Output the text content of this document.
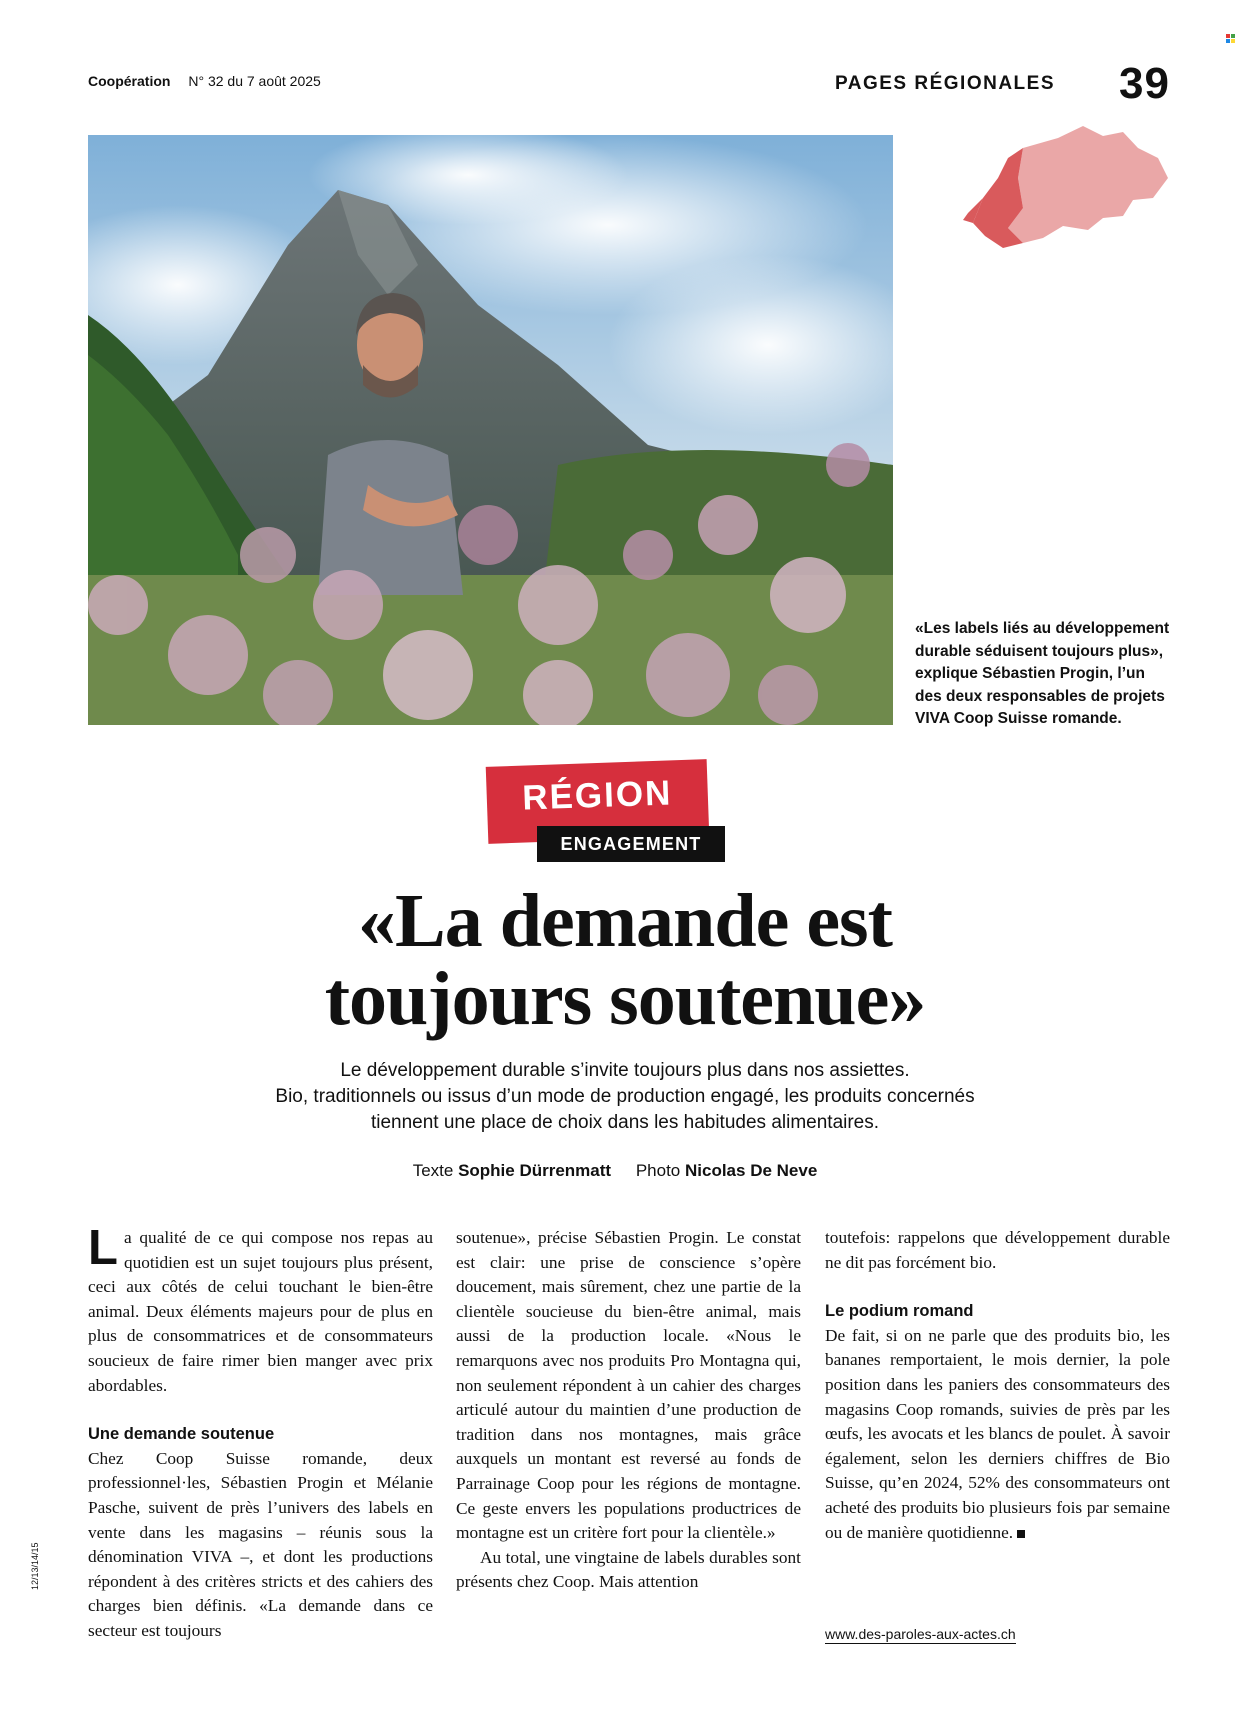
Coopération N° 32 du 7 août 2025	PAGES RÉGIONALES 39
«Les labels liés au développement durable séduisent toujours plus», explique Sébastien Progin, l’un des deux responsables de projets VIVA Coop Suisse romande.
RÉGION
ENGAGEMENT
«La demande est
toujours soutenue»
Le développement durable s’invite toujours plus dans nos assiettes.
Bio, traditionnels ou issus d’un mode de production engagé, les produits concernés
tiennent une place de choix dans les habitudes alimentaires.
Texte Sophie Dürrenmatt Photo Nicolas De Neve

La qualité de ce qui compose nos repas au quotidien est un sujet toujours plus présent, ceci aux côtés de celui touchant le bien-être animal. Deux éléments majeurs pour de plus en plus de consommatrices et de consommateurs soucieux de faire rimer bien manger avec prix abordables.

Une demande soutenue

Chez Coop Suisse romande, deux professionnel·les, Sébastien Progin et Mélanie Pasche, suivent de près l’univers des labels en vente dans les magasins – réunis sous la dénomination VIVA –, et dont les productions répondent à des critères stricts et des cahiers des charges bien définis. «La demande dans ce secteur est toujours

soutenue», précise Sébastien Progin. Le constat est clair: une prise de conscience s’opère doucement, mais sûrement, chez une partie de la clientèle soucieuse du bien-être animal, mais aussi de la production locale. «Nous le remarquons avec nos produits Pro Montagna qui, non seulement répondent à un cahier des charges articulé autour du maintien d’une production de tradition dans nos montagnes, mais grâce auxquels un montant est reversé au fonds de Parrainage Coop pour les régions de montagne. Ce geste envers les populations productrices de montagne est un critère fort pour la clientèle.»

Au total, une vingtaine de labels durables sont présents chez Coop. Mais attention

toutefois: rappelons que développement durable ne dit pas forcément bio.

Le podium romand

De fait, si on ne parle que des produits bio, les bananes remportaient, le mois dernier, la pole position dans les paniers des consommateurs des magasins Coop romands, suivies de près par les œufs, les avocats et les blancs de poulet. À savoir également, selon les derniers chiffres de Bio Suisse, qu’en 2024, 52% des consommateurs ont acheté des produits bio plusieurs fois par semaine ou de manière quotidienne.

www.des-paroles-aux-actes.ch
12/13/14/15
